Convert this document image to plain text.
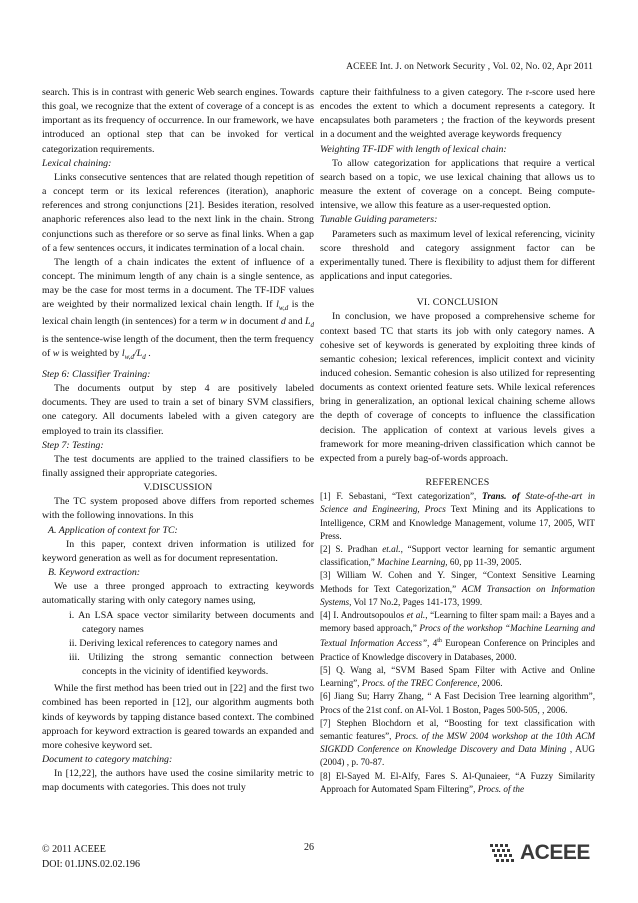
ACEEE Int. J. on Network Security , Vol. 02, No. 02, Apr 2011

search. This is in contrast with generic Web search engines. Towards this goal, we recognize that the extent of coverage of a concept is as important as its frequency of occurrence. In our framework, we have introduced an optional step that can be invoked for vertical categorization requirements.

Lexical chaining:

Links consecutive sentences that are related though repetition of a concept term or its lexical references (iteration), anaphoric references and strong conjunctions [21]. Besides iteration, resolved anaphoric references also lead to the next link in the chain. Strong conjunctions such as therefore or so serve as final links. When a gap of a few sentences occurs, it indicates termination of a local chain.

The length of a chain indicates the extent of influence of a concept. The minimum length of any chain is a single sentence, as may be the case for most terms in a document. The TF-IDF values are weighted by their normalized lexical chain length. If $l_{w,d}$ is the lexical chain length (in sentences) for a term w in document d and $L_d$ is the sentence-wise length of the document, then the term frequency of w is weighted by $l_{w,d}/L_d$ .

Step 6: Classifier Training:

The documents output by step 4 are positively labeled documents. They are used to train a set of binary SVM classifiers, one category. All documents labeled with a given category are employed to train its classifier.

Step 7: Testing:

The test documents are applied to the trained classifiers to be finally assigned their appropriate categories.

V.DISCUSSION

The TC system proposed above differs from reported schemes with the following innovations. In this

A. Application of context for TC:

In this paper, context driven information is utilized for keyword generation as well as for document representation.

B. Keyword extraction:

We use a three pronged approach to extracting keywords automatically staring with only category names using,

i. An LSA space vector similarity between documents and category names
ii. Deriving lexical references to category names and
iii. Utilizing the strong semantic connection between concepts in the vicinity of identified keywords.

While the first method has been tried out in [22] and the first two combined has been reported in [12], our algorithm augments both kinds of keywords by tapping distance based context. The combined approach for keyword extraction is geared towards an expanded and more cohesive keyword set.

Document to category matching:

In [12,22], the authors have used the cosine similarity metric to map documents with categories. This does not truly

capture their faithfulness to a given category. The r-score used here encodes the extent to which a document represents a category. It encapsulates both parameters ; the fraction of the keywords present in a document and the weighted average keywords frequency

Weighting TF-IDF with length of lexical chain:

To allow categorization for applications that require a vertical search based on a topic, we use lexical chaining that allows us to measure the extent of coverage on a concept. Being compute-intensive, we allow this feature as a user-requested option.

Tunable Guiding parameters:

Parameters such as maximum level of lexical referencing, vicinity score threshold and category assignment factor can be experimentally tuned. There is flexibility to adjust them for different applications and input categories.

VI. CONCLUSION

In conclusion, we have proposed a comprehensive scheme for context based TC that starts its job with only category names. A cohesive set of keywords is generated by exploiting three kinds of semantic cohesion; lexical references, implicit context and vicinity induced cohesion. Semantic cohesion is also utilized for representing documents as context oriented feature sets. While lexical references bring in generalization, an optional lexical chaining scheme allows the depth of coverage of concepts to influence the classification decision. The application of context at various levels gives a framework for more meaning-driven classification which cannot be expected from a purely bag-of-words approach.

REFERENCES

[1] F. Sebastani, “Text categorization”, Trans. of State-of-the-art in Science and Engineering, Procs Text Mining and its Applications to Intelligence, CRM and Knowledge Management, volume 17, 2005, WIT Press.

[2] S. Pradhan et.al., “Support vector learning for semantic argument classification,” Machine Learning, 60, pp 11-39, 2005.

[3] William W. Cohen and Y. Singer, “Context Sensitive Learning Methods for Text Categorization,” ACM Transaction on Information Systems, Vol 17 No.2, Pages 141-173, 1999.

[4] I. Androutsopoulos et al., “Learning to filter spam mail: a Bayes and a memory based approach,” Procs of the workshop “Machine Learning and Textual Information Access”, 4th European Conference on Principles and Practice of Knowledge discovery in Databases, 2000.

[5] Q. Wang al, “SVM Based Spam Filter with Active and Online Learning”, Procs. of the TREC Conference, 2006.

[6] Jiang Su; Harry Zhang, “ A Fast Decision Tree learning algorithm”, Procs of the 21st conf. on AI-Vol. 1 Boston, Pages 500-505, , 2006.

[7] Stephen Blochdorn et al, “Boosting for text classification with semantic features”, Procs. of the MSW 2004 workshop at the 10th ACM SIGKDD Conference on Knowledge Discovery and Data Mining , AUG (2004) , p. 70-87.

[8] El-Sayed M. El-Alfy, Fares S. Al-Qunaieer, “A Fuzzy Similarity Approach for Automated Spam Filtering”, Procs. of the

© 2011 ACEEE
DOI: 01.IJNS.02.02.196
26	ACEEE
